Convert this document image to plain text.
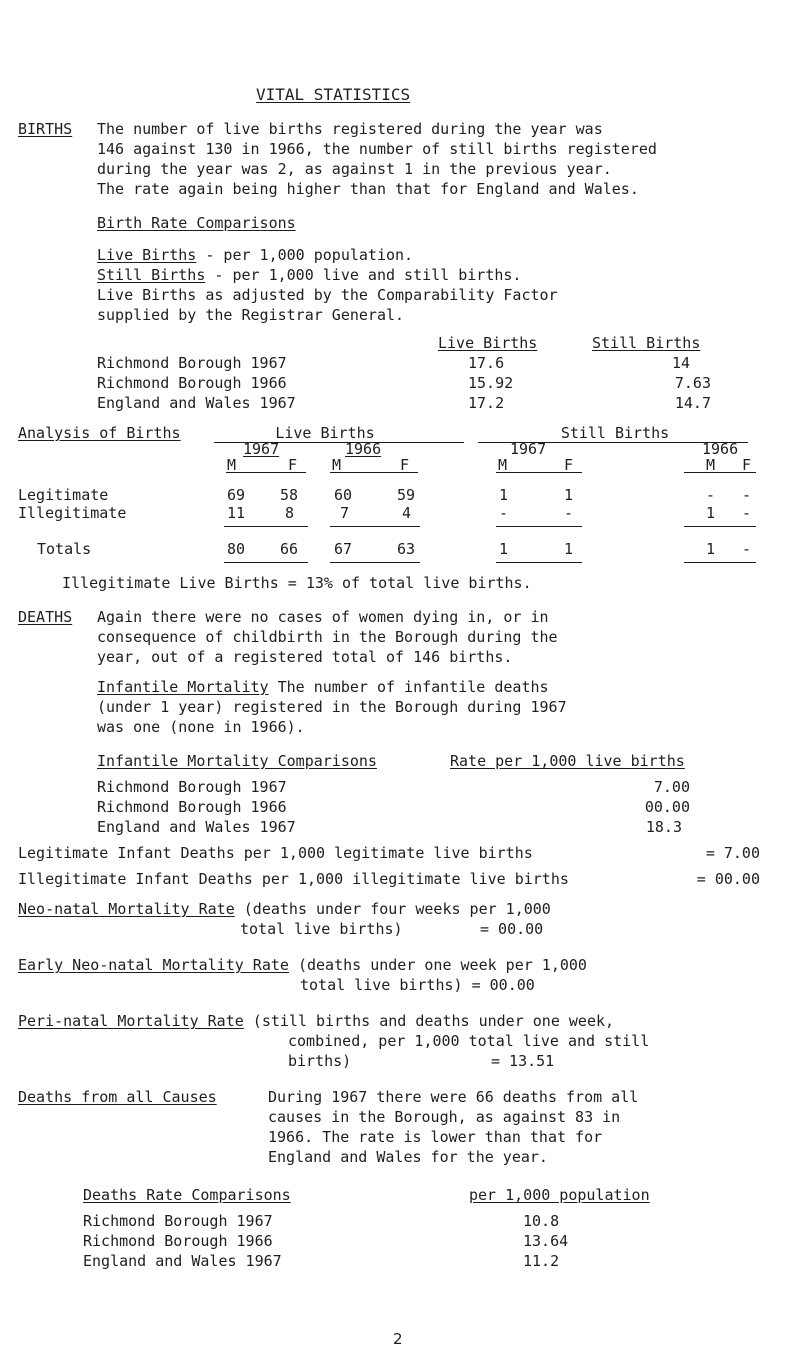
VITAL STATISTICS
BIRTHS The number of live births registered during the year was
146 against 130 in 1966, the number of still births registered
during the year was 2, as against 1 in the previous year.
The rate again being higher than that for England and Wales.
Birth Rate Comparisons
Live Births - per 1,000 population.
Still Births - per 1,000 live and still births.
Live Births as adjusted by the Comparability Factor
supplied by the Registrar General.
Live Births	Still Births
Richmond Borough 1967	17.6	14
Richmond Borough 1966	15.92	7.63
England and Wales 1967	17.2	14.7
Analysis of Births	Live Births	Still Births
1967	1966	1967	1966
M	F M	F	M	F	M F
Legitimate	69 58 60	59	1	1	- -
Illegitimate	11	8	7	4	-	-	1 -
Totals	80 66 67	63	1	1	1 -
Illegitimate Live Births = 13% of total live births.
DEATHS Again there were no cases of women dying in, or in
consequence of childbirth in the Borough during the
year, out of a registered total of 146 births.
Infantile Mortality The number of infantile deaths
(under 1 year) registered in the Borough during 1967
was one (none in 1966).
Infantile Mortality Comparisons	Rate per 1,000 live births
Richmond Borough 1967	7.00
Richmond Borough 1966	00.00
England and Wales 1967	18.3
Legitimate Infant Deaths per 1,000 legitimate live births	= 7.00
Illegitimate Infant Deaths per 1,000 illegitimate live births	= 00.00
Neo-natal Mortality Rate (deaths under four weeks per 1,000
total live births)	= 00.00
Early Neo-natal Mortality Rate (deaths under one week per 1,000
total live births) = 00.00
Peri-natal Mortality Rate (still births and deaths under one week,
combined, per 1,000 total live and still
births)	= 13.51
Deaths from all Causes	During 1967 there were 66 deaths from all
causes in the Borough, as against 83 in
1966. The rate is lower than that for
England and Wales for the year.
Deaths Rate Comparisons	per 1,000 population
Richmond Borough 1967	10.8
Richmond Borough 1966	13.64
England and Wales 1967	11.2
2
